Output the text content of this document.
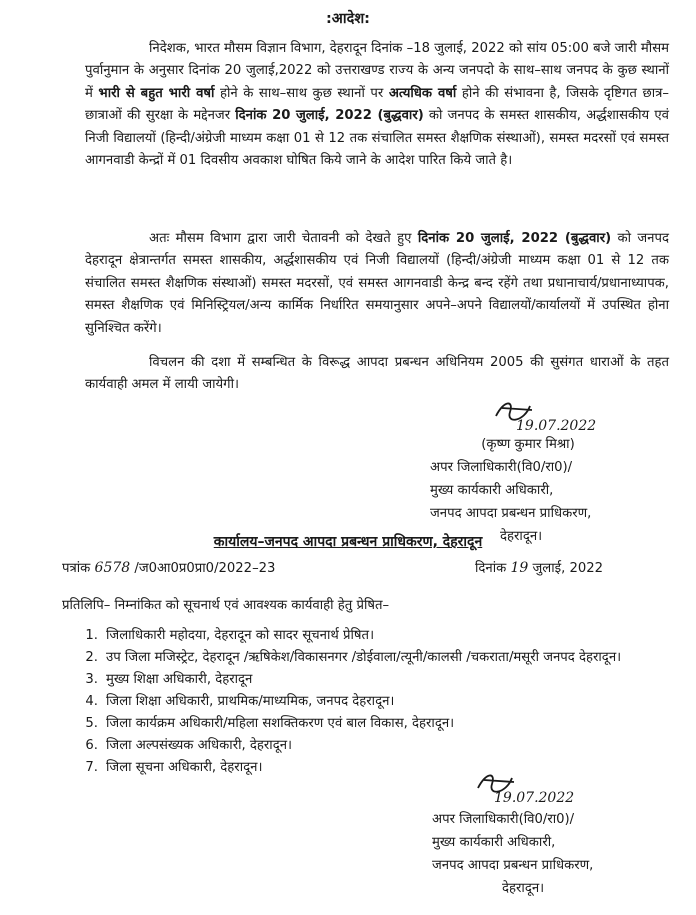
:आदेश:

निदेशक, भारत मौसम विज्ञान विभाग, देहरादून दिनांक –18 जुलाई, 2022 को सांय 05:00 बजे जारी मौसम पुर्वानुमान के अनुसार दिनांक 20 जुलाई,2022 को उत्तराखण्ड राज्य के अन्य जनपदो के साथ–साथ जनपद के कुछ स्थानों में भारी से बहुत भारी वर्षा होने के साथ–साथ कुछ स्थानों पर अत्यधिक वर्षा होने की संभावना है, जिसके दृष्टिगत छात्र–छात्राओं की सुरक्षा के मद्देनजर दिनांक 20 जुलाई, 2022 (बुद्धवार) को जनपद के समस्त शासकीय, अर्द्धशासकीय एवं निजी विद्यालयों (हिन्दी/अंग्रेजी माध्यम कक्षा 01 से 12 तक संचालित समस्त शैक्षणिक संस्थाओं), समस्त मदरसों एवं समस्त आगनवाडी केन्द्रों में 01 दिवसीय अवकाश घोषित किये जाने के आदेश पारित किये जाते है।

अतः मौसम विभाग द्वारा जारी चेतावनी को देखते हुए दिनांक 20 जुलाई, 2022 (बुद्धवार) को जनपद देहरादून क्षेत्रान्तर्गत समस्त शासकीय, अर्द्धशासकीय एवं निजी विद्यालयों (हिन्दी/अंग्रेजी माध्यम कक्षा 01 से 12 तक संचालित समस्त शैक्षणिक संस्थाओं) समस्त मदरसों, एवं समस्त आगनवाडी केन्द्र बन्द रहेंगे तथा प्रधानाचार्य/प्रधानाध्यापक, समस्त शैक्षणिक एवं मिनिस्ट्रियल/अन्य कार्मिक निर्धारित समयानुसार अपने–अपने विद्यालयों/कार्यालयों में उपस्थित होना सुनिश्चित करेंगे।

विचलन की दशा में सम्बन्धित के विरूद्ध आपदा प्रबन्धन अधिनियम 2005 की सुसंगत धाराओं के तहत कार्यवाही अमल में लायी जायेगी।

19.07.2022
(कृष्ण कुमार मिश्रा)
अपर जिलाधिकारी(वि0/रा0)/
मुख्य कार्यकारी अधिकारी,
जनपद आपदा प्रबन्धन प्राधिकरण,
देहरादून।
कार्यालय–जनपद आपदा प्रबन्धन प्राधिकरण, देहरादून
पत्रांक 6578 /ज0आ0प्र0प्रा0/2022–23	दिनांक 19 जुलाई, 2022
प्रतिलिपि– निम्नांकित को सूचनार्थ एवं आवश्यक कार्यवाही हेतु प्रेषित–
1. जिलाधिकारी महोदया, देहरादून को सादर सूचनार्थ प्रेषित।
2. उप जिला मजिस्ट्रेट, देहरादून /ऋषिकेश/विकासनगर /डोईवाला/त्यूनी/कालसी /चकराता/मसूरी जनपद देहरादून।
3. मुख्य शिक्षा अधिकारी, देहरादून
4. जिला शिक्षा अधिकारी, प्राथमिक/माध्यमिक, जनपद देहरादून।
5. जिला कार्यक्रम अधिकारी/महिला सशक्तिकरण एवं बाल विकास, देहरादून।
6. जिला अल्पसंख्यक अधिकारी, देहरादून।
7. जिला सूचना अधिकारी, देहरादून।
19.07.2022
अपर जिलाधिकारी(वि0/रा0)/
मुख्य कार्यकारी अधिकारी,
जनपद आपदा प्रबन्धन प्राधिकरण,
देहरादून।
